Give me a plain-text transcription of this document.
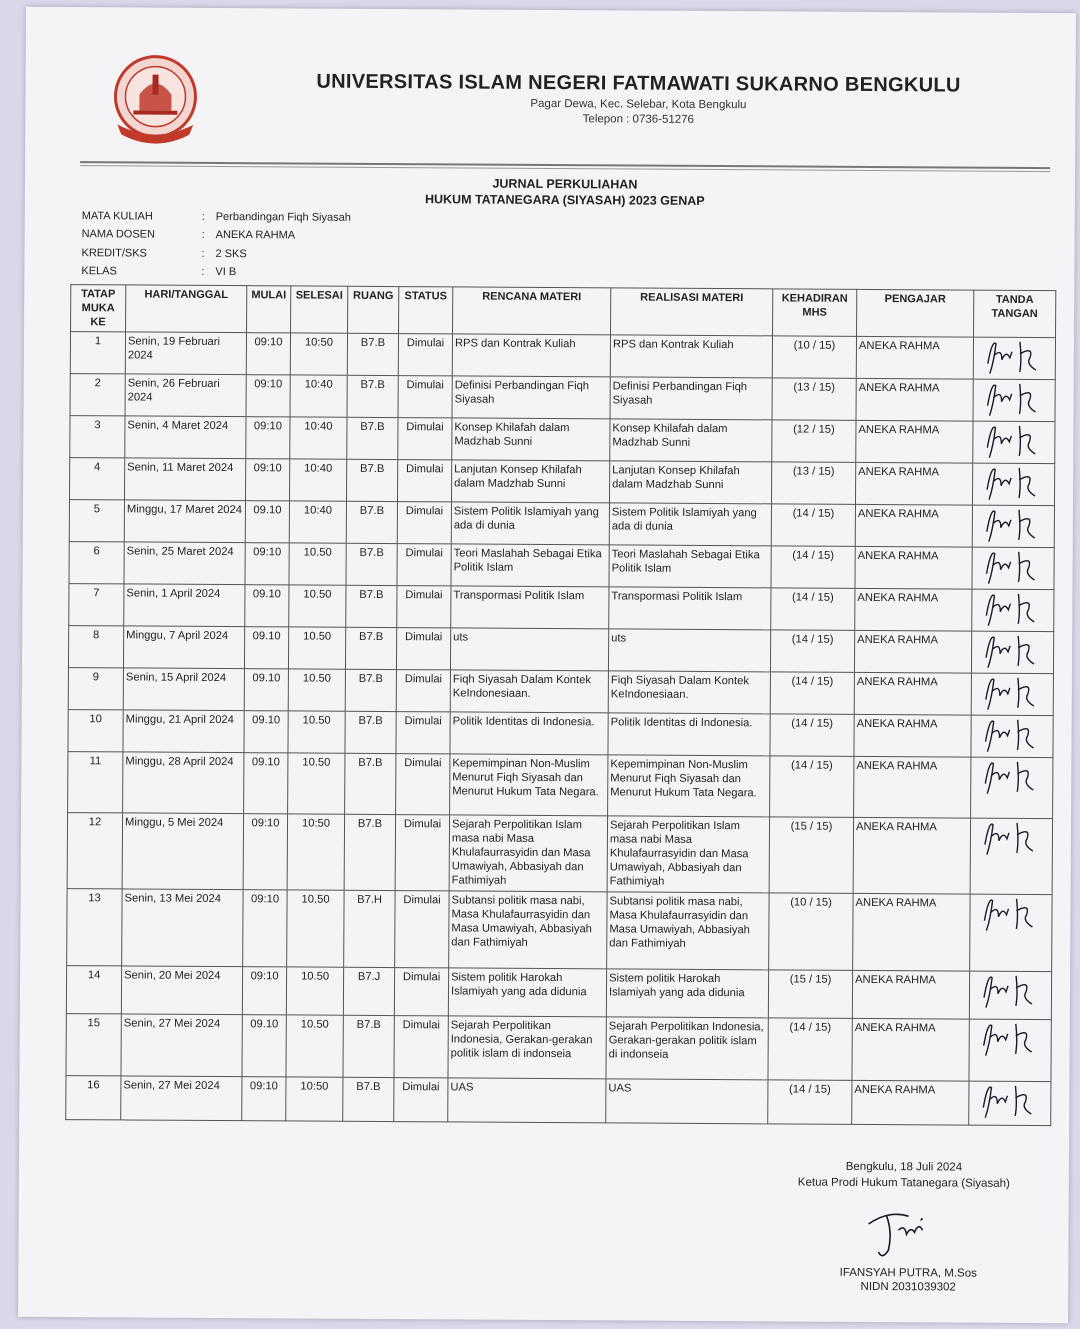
UNIVERSITAS ISLAM NEGERI FATMAWATI SUKARNO BENGKULU
Pagar Dewa, Kec. Selebar, Kota Bengkulu
Telepon : 0736-51276
JURNAL PERKULIAHAN
HUKUM TATANEGARA (SIYASAH) 2023 GENAP
MATA KULIAH	: Perbandingan Fiqh Siyasah
NAMA DOSEN	: ANEKA RAHMA
KREDIT/SKS	: 2 SKS
KELAS	: VI B
TATAP MUKA KE	HARI/TANGGAL	MULAI	SELESAI	RUANG	STATUS	RENCANA MATERI	REALISASI MATERI	KEHADIRAN MHS	PENGAJAR	TANDA TANGAN
1	Senin, 19 Februari 2024	09:10	10:50	B7.B	Dimulai	RPS dan Kontrak Kuliah	RPS dan Kontrak Kuliah	(10 / 15)	ANEKA RAHMA	

2	Senin, 26 Februari 2024	09:10	10:40	B7.B	Dimulai	Definisi Perbandingan Fiqh Siyasah	Definisi Perbandingan Fiqh Siyasah	(13 / 15)	ANEKA RAHMA	

3	Senin, 4 Maret 2024	09:10	10:40	B7.B	Dimulai	Konsep Khilafah dalam Madzhab Sunni	Konsep Khilafah dalam Madzhab Sunni	(12 / 15)	ANEKA RAHMA	

4	Senin, 11 Maret 2024	09:10	10:40	B7.B	Dimulai	Lanjutan Konsep Khilafah dalam Madzhab Sunni	Lanjutan Konsep Khilafah dalam Madzhab Sunni	(13 / 15)	ANEKA RAHMA	

5	Minggu, 17 Maret 2024	09.10	10:40	B7.B	Dimulai	Sistem Politik Islamiyah yang ada di dunia	Sistem Politik Islamiyah yang ada di dunia	(14 / 15)	ANEKA RAHMA	

6	Senin, 25 Maret 2024	09:10	10.50	B7.B	Dimulai	Teori Maslahah Sebagai Etika Politik Islam	Teori Maslahah Sebagai Etika Politik Islam	(14 / 15)	ANEKA RAHMA	

7	Senin, 1 April 2024	09.10	10.50	B7.B	Dimulai	Transpormasi Politik Islam	Transpormasi Politik Islam	(14 / 15)	ANEKA RAHMA	

8	Minggu, 7 April 2024	09.10	10.50	B7.B	Dimulai	uts	uts	(14 / 15)	ANEKA RAHMA	

9	Senin, 15 April 2024	09.10	10.50	B7.B	Dimulai	Fiqh Siyasah Dalam Kontek KeIndonesiaan.	Fiqh Siyasah Dalam Kontek KeIndonesiaan.	(14 / 15)	ANEKA RAHMA	

10	Minggu, 21 April 2024	09.10	10.50	B7.B	Dimulai	Politik Identitas di Indonesia.	Politik Identitas di Indonesia.	(14 / 15)	ANEKA RAHMA	

11	Minggu, 28 April 2024	09.10	10.50	B7.B	Dimulai	Kepemimpinan Non-Muslim Menurut Fiqh Siyasah dan Menurut Hukum Tata Negara.	Kepemimpinan Non-Muslim Menurut Fiqh Siyasah dan Menurut Hukum Tata Negara.	(14 / 15)	ANEKA RAHMA	

12	Minggu, 5 Mei 2024	09:10	10:50	B7.B	Dimulai	Sejarah Perpolitikan Islam masa nabi Masa Khulafaurrasyidin dan Masa Umawiyah, Abbasiyah dan Fathimiyah	Sejarah Perpolitikan Islam masa nabi Masa Khulafaurrasyidin dan Masa Umawiyah, Abbasiyah dan Fathimiyah	(15 / 15)	ANEKA RAHMA	

13	Senin, 13 Mei 2024	09:10	10.50	B7.H	Dimulai	Subtansi politik masa nabi, Masa Khulafaurrasyidin dan Masa Umawiyah, Abbasiyah dan Fathimiyah	Subtansi politik masa nabi, Masa Khulafaurrasyidin dan Masa Umawiyah, Abbasiyah dan Fathimiyah	(10 / 15)	ANEKA RAHMA	

14	Senin, 20 Mei 2024	09:10	10.50	B7.J	Dimulai	Sistem politik Harokah Islamiyah yang ada didunia	Sistem politik Harokah Islamiyah yang ada didunia	(15 / 15)	ANEKA RAHMA	

15	Senin, 27 Mei 2024	09.10	10.50	B7.B	Dimulai	Sejarah Perpolitikan Indonesia, Gerakan-gerakan politik islam di indonseia	Sejarah Perpolitikan Indonesia, Gerakan-gerakan politik islam di indonseia	(14 / 15)	ANEKA RAHMA	

16	Senin, 27 Mei 2024	09:10	10:50	B7.B	Dimulai	UAS	UAS	(14 / 15)	ANEKA RAHMA	
Bengkulu, 18 Juli 2024
Ketua Prodi Hukum Tatanegara (Siyasah)
IFANSYAH PUTRA, M.Sos
NIDN 2031039302
